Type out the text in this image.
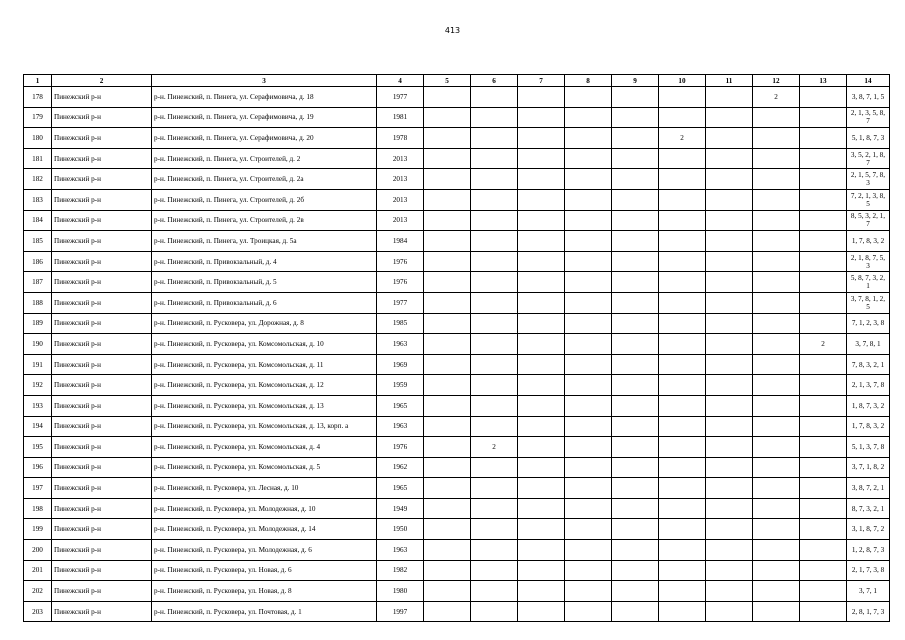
413
1	2	3	4	5	6	7	8	9	10	11	12	13	14
178	Пинежский р-н	р-н. Пинежский, п. Пинега, ул. Серафимовича, д. 18	1977								2		3, 8, 7, 1, 5
179	Пинежский р-н	р-н. Пинежский, п. Пинега, ул. Серафимовича, д. 19	1981										2, 1, 3, 5, 8, 7
180	Пинежский р-н	р-н. Пинежский, п. Пинега, ул. Серафимовича, д. 20	1978						2				5, 1, 8, 7, 3
181	Пинежский р-н	р-н. Пинежский, п. Пинега, ул. Строителей, д. 2	2013										3, 5, 2, 1, 8, 7
182	Пинежский р-н	р-н. Пинежский, п. Пинега, ул. Строителей, д. 2а	2013										2, 1, 5, 7, 8, 3
183	Пинежский р-н	р-н. Пинежский, п. Пинега, ул. Строителей, д. 2б	2013										7, 2, 1, 3, 8, 5
184	Пинежский р-н	р-н. Пинежский, п. Пинега, ул. Строителей, д. 2в	2013										8, 5, 3, 2, 1, 7
185	Пинежский р-н	р-н. Пинежский, п. Пинега, ул. Троицкая, д. 5а	1984										1, 7, 8, 3, 2
186	Пинежский р-н	р-н. Пинежский, п. Привокзальный, д. 4	1976										2, 1, 8, 7, 5, 3
187	Пинежский р-н	р-н. Пинежский, п. Привокзальный, д. 5	1976										5, 8, 7, 3, 2, 1
188	Пинежский р-н	р-н. Пинежский, п. Привокзальный, д. 6	1977										3, 7, 8, 1, 2, 5
189	Пинежский р-н	р-н. Пинежский, п. Русковера, ул. Дорожная, д. 8	1985										7, 1, 2, 3, 8
190	Пинежский р-н	р-н. Пинежский, п. Русковера, ул. Комсомольская, д. 10	1963									2	3, 7, 8, 1
191	Пинежский р-н	р-н. Пинежский, п. Русковера, ул. Комсомольская, д. 11	1969										7, 8, 3, 2, 1
192	Пинежский р-н	р-н. Пинежский, п. Русковера, ул. Комсомольская, д. 12	1959										2, 1, 3, 7, 8
193	Пинежский р-н	р-н. Пинежский, п. Русковера, ул. Комсомольская, д. 13	1965										1, 8, 7, 3, 2
194	Пинежский р-н	р-н. Пинежский, п. Русковера, ул. Комсомольская, д. 13, корп. а	1963										1, 7, 8, 3, 2
195	Пинежский р-н	р-н. Пинежский, п. Русковера, ул. Комсомольская, д. 4	1976		2								5, 1, 3, 7, 8
196	Пинежский р-н	р-н. Пинежский, п. Русковера, ул. Комсомольская, д. 5	1962										3, 7, 1, 8, 2
197	Пинежский р-н	р-н. Пинежский, п. Русковера, ул. Лесная, д. 10	1965										3, 8, 7, 2, 1
198	Пинежский р-н	р-н. Пинежский, п. Русковера, ул. Молодежная, д. 10	1949										8, 7, 3, 2, 1
199	Пинежский р-н	р-н. Пинежский, п. Русковера, ул. Молодежная, д. 14	1950										3, 1, 8, 7, 2
200	Пинежский р-н	р-н. Пинежский, п. Русковера, ул. Молодежная, д. 6	1963										1, 2, 8, 7, 3
201	Пинежский р-н	р-н. Пинежский, п. Русковера, ул. Новая, д. 6	1982										2, 1, 7, 3, 8
202	Пинежский р-н	р-н. Пинежский, п. Русковера, ул. Новая, д. 8	1980										3, 7, 1
203	Пинежский р-н	р-н. Пинежский, п. Русковера, ул. Почтовая, д. 1	1997										2, 8, 1, 7, 3
